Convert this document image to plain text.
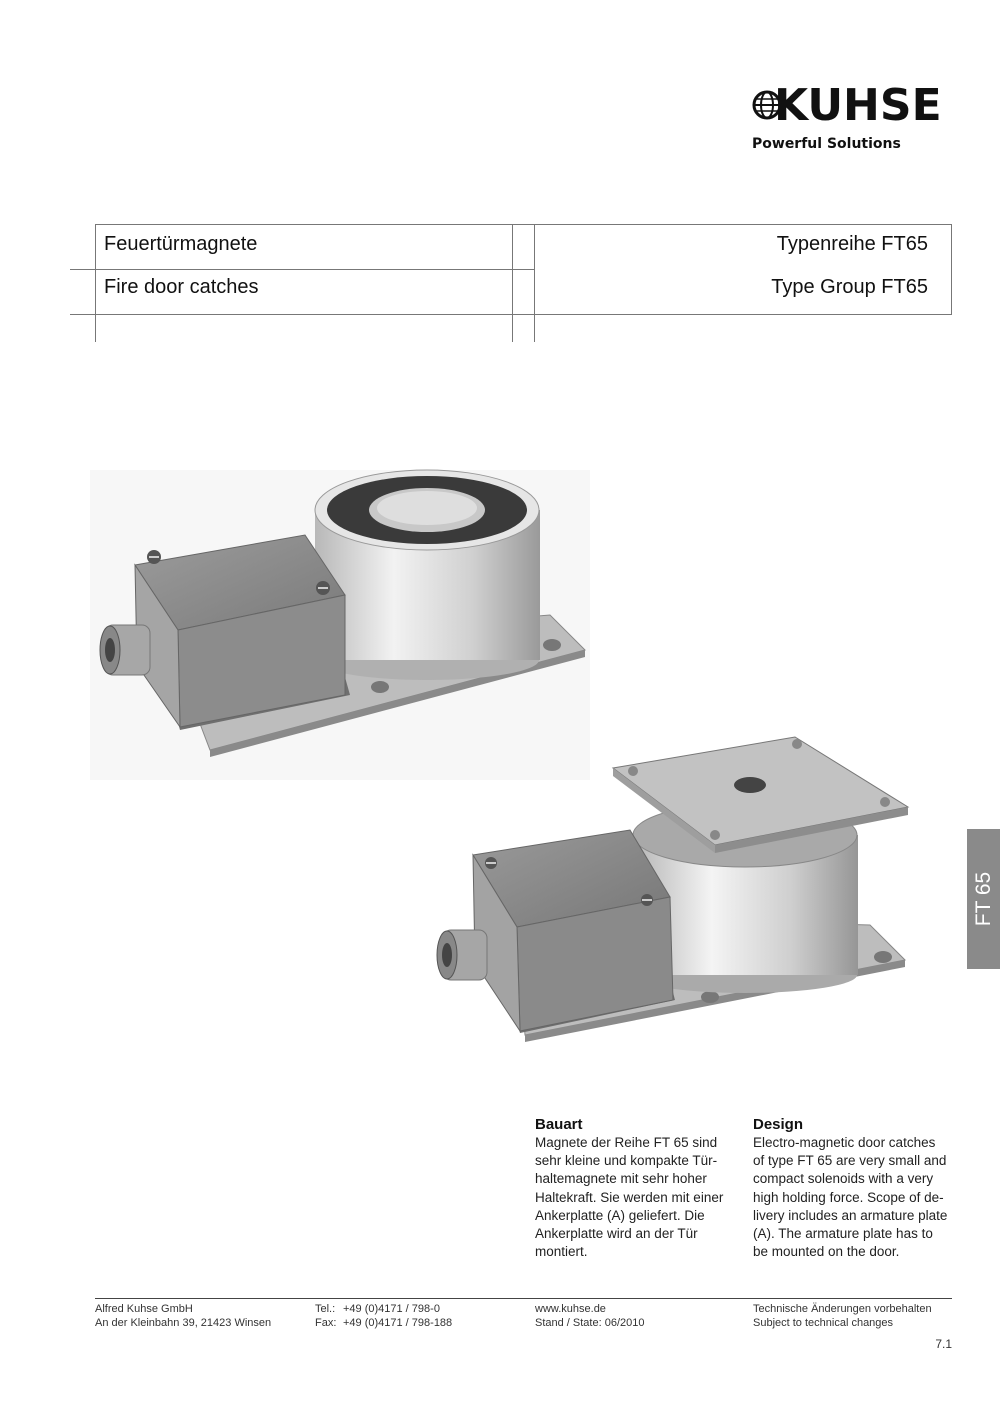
KUHSE
Powerful Solutions
Feuertürmagnete
Fire door catches
Typenreihe FT65
Type Group FT65
FT 65
Bauart
Magnete der Reihe FT 65 sind
sehr kleine und kompakte Tür-
haltemagnete mit sehr hoher
Haltekraft. Sie werden mit einer
Ankerplatte (A) geliefert. Die
Ankerplatte wird an der Tür
montiert.
Design
Electro-magnetic door catches
of type FT 65 are very small and
compact solenoids with a very
high holding force. Scope of de-
livery includes an armature plate
(A). The armature plate has to
be mounted on the door.
Alfred Kuhse GmbH
An der Kleinbahn 39, 21423 Winsen
Tel.: +49 (0)4171 / 798-0
Fax: +49 (0)4171 / 798-188
www.kuhse.de
Stand / State: 06/2010
Technische Änderungen vorbehalten
Subject to technical changes
7.1
